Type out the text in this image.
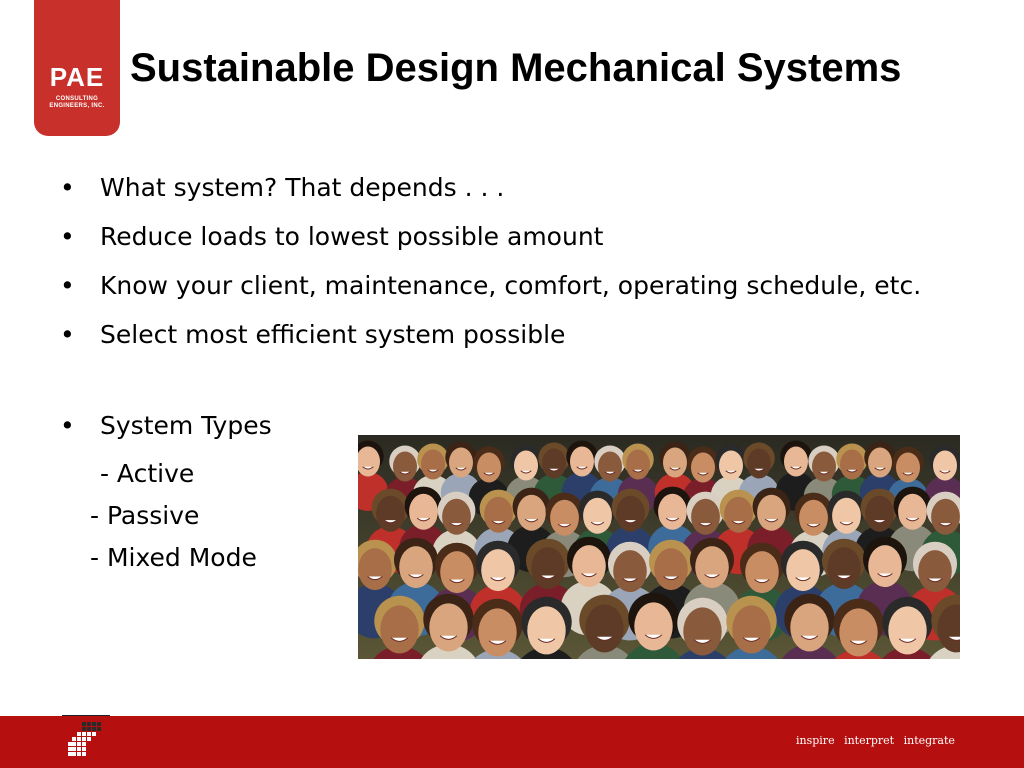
PAE
CONSULTING
ENGINEERS, INC.
Sustainable Design Mechanical Systems
• What system? That depends . . .
• Reduce loads to lowest possible amount
• Know your client, maintenance, comfort, operating schedule, etc.
• Select most efficient system possible
• System Types
- Active
- Passive
- Mixed Mode
inspire interpret integrate
